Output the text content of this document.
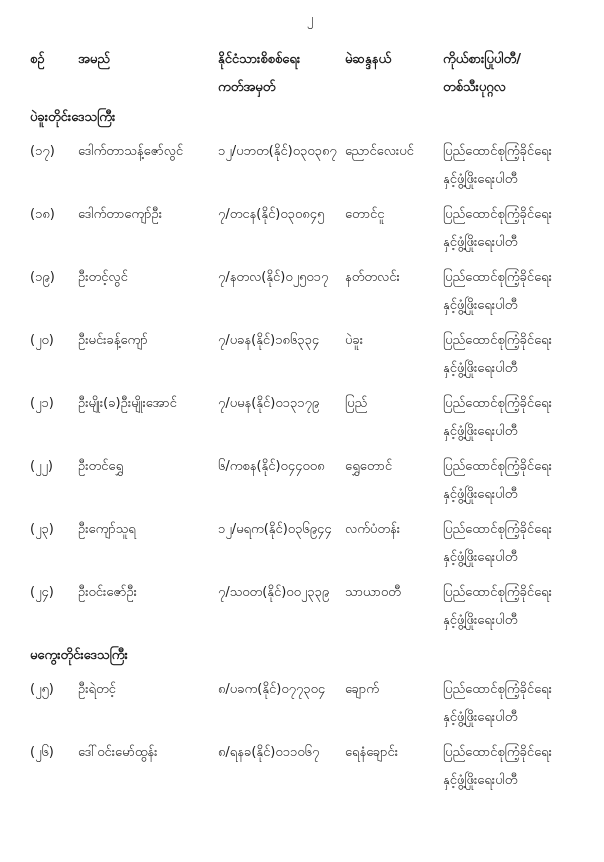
၂
စဉ်	အမည်	နိုင်ငံသားစိစစ်ရေး
ကတ်အမှတ်
မဲဆန္ဒနယ်	ကိုယ်စားပြုပါတီ/
တစ်သီးပုဂ္ဂလ
ပဲခူးတိုင်းဒေသကြီး
(၁၇)	ဒေါက်တာသန့်ဇော်လွင်	၁၂/ပဘတ(နိုင်)၀၃၀၃၈၇ ညောင်လေးပင်	ပြည်ထောင်စုကြံ့ခိုင်ရေး
နှင့်ဖွံ့ဖြိုးရေးပါတီ
(၁၈)	ဒေါက်တာကျော်ဦး	၇/တငန(နိုင်)၀၃၀၈၄၅	တောင်ငူ	ပြည်ထောင်စုကြံ့ခိုင်ရေး
နှင့်ဖွံ့ဖြိုးရေးပါတီ
(၁၉)	ဦးတင့်လွင်	၇/နတလ(နိုင်)၀၂၅၀၁၇	နတ်တလင်း	ပြည်ထောင်စုကြံ့ခိုင်ရေး
နှင့်ဖွံ့ဖြိုးရေးပါတီ
(၂၀)	ဦးမင်းခန့်ကျော်	၇/ပခန(နိုင်)၁၈၆၃၃၄	ပဲခူး	ပြည်ထောင်စုကြံ့ခိုင်ရေး
နှင့်ဖွံ့ဖြိုးရေးပါတီ
(၂၁)	ဦးမျိုး(ခ)ဦးမျိုးအောင်	၇/ပမန(နိုင်)၀၁၃၁၇၉	ပြည်	ပြည်ထောင်စုကြံ့ခိုင်ရေး
နှင့်ဖွံ့ဖြိုးရေးပါတီ
(၂၂)	ဦးတင်ရွှေ	၆/ကစန(နိုင်)၀၄၄၀၀၈	ရွှေတောင်	ပြည်ထောင်စုကြံ့ခိုင်ရေး
နှင့်ဖွံ့ဖြိုးရေးပါတီ
(၂၃)	ဦးကျော်သူရ	၁၂/မရက(နိုင်)၀၃၆၉၄၄	လက်ပံတန်း	ပြည်ထောင်စုကြံ့ခိုင်ရေး
နှင့်ဖွံ့ဖြိုးရေးပါတီ
(၂၄)	ဦးဝင်းဇော်ဦး	၇/သဝတ(နိုင်)၀၀၂၃၃၉	သာယာဝတီ	ပြည်ထောင်စုကြံ့ခိုင်ရေး
နှင့်ဖွံ့ဖြိုးရေးပါတီ
မကွေးတိုင်းဒေသကြီး
(၂၅)	ဦးရဲတင့်	၈/ပခက(နိုင်)၀၇၇၃၀၄	ချောက်	ပြည်ထောင်စုကြံ့ခိုင်ရေး
နှင့်ဖွံ့ဖြိုးရေးပါတီ
(၂၆)	ဒေါ်ဝင်းမော်ထွန်း	၈/ရနခ(နိုင်)၀၁၁၀၆၇	ရေနံချောင်း	ပြည်ထောင်စုကြံ့ခိုင်ရေး
နှင့်ဖွံ့ဖြိုးရေးပါတီ
